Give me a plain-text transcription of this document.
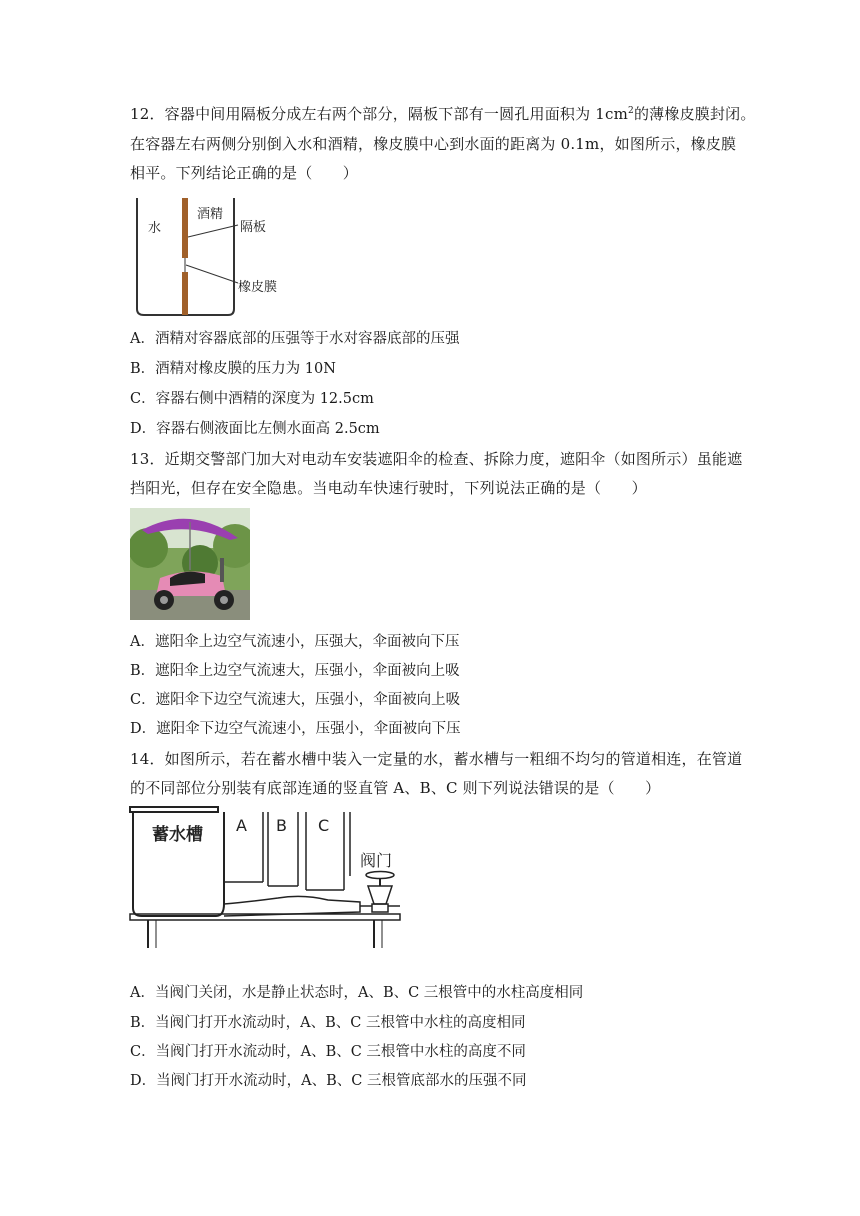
12．容器中间用隔板分成左右两个部分，隔板下部有一圆孔用面积为 $1cm^2$的薄橡皮膜封闭。
在容器左右两侧分别倒入水和酒精，橡皮膜中心到水面的距离为 0.1m，如图所示，橡皮膜
相平。下列结论正确的是（　　）
水
酒精
隔板
橡皮膜
A．酒精对容器底部的压强等于水对容器底部的压强
B．酒精对橡皮膜的压力为 10N
C．容器右侧中酒精的深度为 12.5cm
D．容器右侧液面比左侧水面高 2.5cm
13．近期交警部门加大对电动车安装遮阳伞的检查、拆除力度，遮阳伞（如图所示）虽能遮
挡阳光，但存在安全隐患。当电动车快速行驶时，下列说法正确的是（　　）
A．遮阳伞上边空气流速小，压强大，伞面被向下压
B．遮阳伞上边空气流速大，压强小，伞面被向上吸
C．遮阳伞下边空气流速大，压强小，伞面被向上吸
D．遮阳伞下边空气流速小，压强小，伞面被向下压
14．如图所示，若在蓄水槽中装入一定量的水，蓄水槽与一粗细不均匀的管道相连，在管道
的不同部位分别装有底部连通的竖直管 A、B、C 则下列说法错误的是（　　）
蓄水槽 A B C
阀门
A．当阀门关闭，水是静止状态时，A、B、C 三根管中的水柱高度相同
B．当阀门打开水流动时，A、B、C 三根管中水柱的高度相同
C．当阀门打开水流动时，A、B、C 三根管中水柱的高度不同
D．当阀门打开水流动时，A、B、C 三根管底部水的压强不同
